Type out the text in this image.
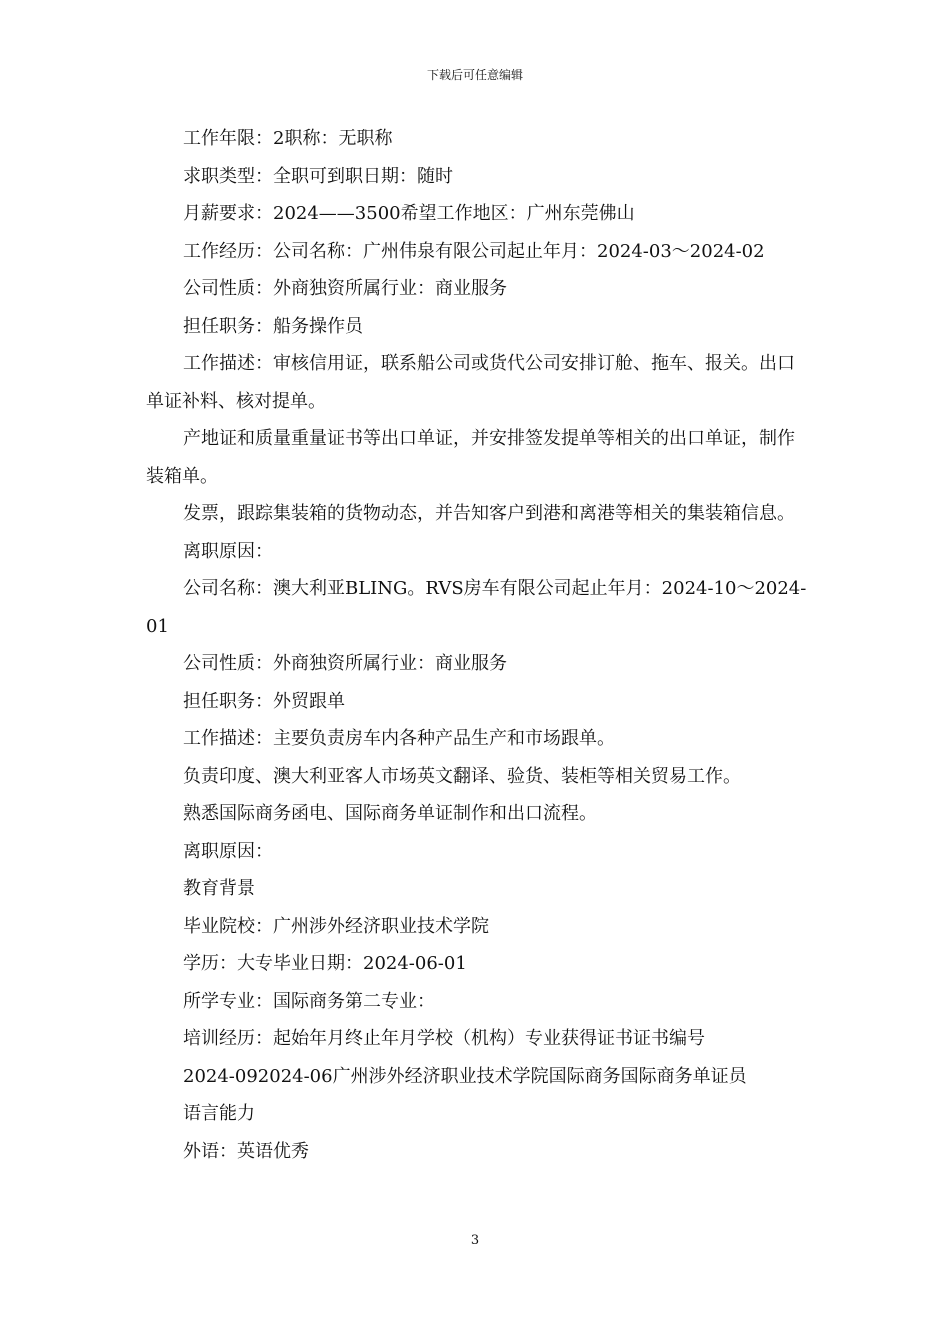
下载后可任意编辑

工作年限：2职称：无职称

求职类型：全职可到职日期：随时

月薪要求：2024——3500希望工作地区：广州东莞佛山

工作经历：公司名称：广州伟泉有限公司起止年月：2024-03～2024-02

公司性质：外商独资所属行业：商业服务

担任职务：船务操作员

工作描述：审核信用证，联系船公司或货代公司安排订舱、拖车、报关。出口单证补料、核对提单。

产地证和质量重量证书等出口单证，并安排签发提单等相关的出口单证，制作装箱单。

发票，跟踪集装箱的货物动态，并告知客户到港和离港等相关的集装箱信息。

离职原因：

公司名称：澳大利亚BLING。RVS房车有限公司起止年月：2024-10～2024-01

公司性质：外商独资所属行业：商业服务

担任职务：外贸跟单

工作描述：主要负责房车内各种产品生产和市场跟单。

负责印度、澳大利亚客人市场英文翻译、验货、装柜等相关贸易工作。

熟悉国际商务函电、国际商务单证制作和出口流程。

离职原因：

教育背景

毕业院校：广州涉外经济职业技术学院

学历：大专毕业日期：2024-06-01

所学专业：国际商务第二专业：

培训经历：起始年月终止年月学校（机构）专业获得证书证书编号

2024-092024-06广州涉外经济职业技术学院国际商务国际商务单证员

语言能力

外语：英语优秀

3
